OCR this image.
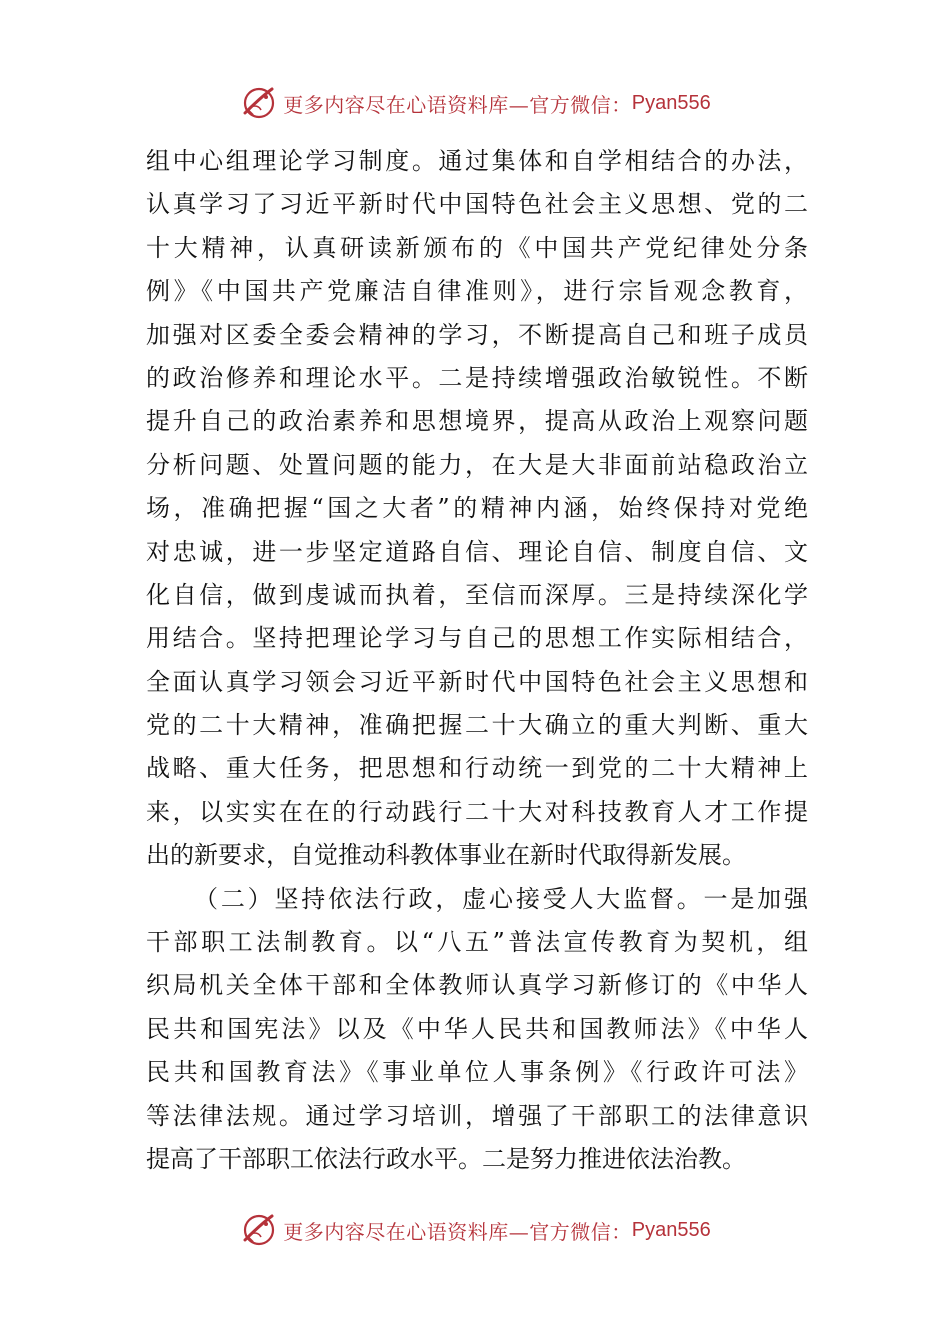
更多内容尽在心语资料库—官方微信： Pyan556
组中心组理论学习制度。通过集体和自学相结合的办法，
认真学习了习近平新时代中国特色社会主义思想、党的二
十大精神，认真研读新颁布的《中国共产党纪律处分条
例》《中国共产党廉洁自律准则》，进行宗旨观念教育，
加强对区委全委会精神的学习，不断提高自己和班子成员
的政治修养和理论水平。二是持续增强政治敏锐性。不断
提升自己的政治素养和思想境界，提高从政治上观察问题
分析问题、处置问题的能力，在大是大非面前站稳政治立
场，准确把握“国之大者”的精神内涵，始终保持对党绝
对忠诚，进一步坚定道路自信、理论自信、制度自信、文
化自信，做到虔诚而执着，至信而深厚。三是持续深化学
用结合。坚持把理论学习与自己的思想工作实际相结合，
全面认真学习领会习近平新时代中国特色社会主义思想和
党的二十大精神，准确把握二十大确立的重大判断、重大
战略、重大任务，把思想和行动统一到党的二十大精神上
来，以实实在在的行动践行二十大对科技教育人才工作提
出的新要求，自觉推动科教体事业在新时代取得新发展。
（二）坚持依法行政，虚心接受人大监督。一是加强
干部职工法制教育。以“八五”普法宣传教育为契机，组
织局机关全体干部和全体教师认真学习新修订的《中华人
民共和国宪法》以及《中华人民共和国教师法》《中华人
民共和国教育法》《事业单位人事条例》《行政许可法》
等法律法规。通过学习培训，增强了干部职工的法律意识
提高了干部职工依法行政水平。二是努力推进依法治教。
更多内容尽在心语资料库—官方微信： Pyan556
